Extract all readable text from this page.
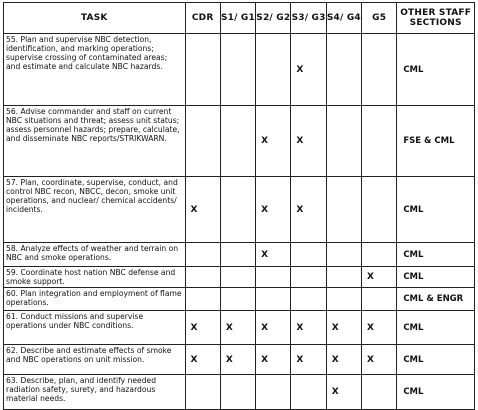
TASK	CDR	S1/ G1	S2/ G2	S3/ G3	S4/ G4	G5	OTHER STAFF SECTIONS
55. Plan and supervise NBC detection, identification, and marking operations; supervise crossing of contaminated areas; and estimate and calculate NBC hazards.				X			CML
56. Advise commander and staff on current NBC situations and threat; assess unit status; assess personnel hazards; prepare, calculate, and disseminate NBC reports/STRIKWARN.			X	X			FSE & CML
57. Plan, coordinate, supervise, conduct, and control NBC recon, NBCC, decon, smoke unit operations, and nuclear/ chemical accidents/ incidents.	X		X	X			CML
58. Analyze effects of weather and terrain on NBC and smoke operations.			X				CML
59. Coordinate host nation NBC defense and smoke support.						X	CML
60. Plan integration and employment of flame operations.							CML & ENGR
61. Conduct missions and supervise operations under NBC conditions.	X	X	X	X	X	X	CML
62. Describe and estimate effects of smoke and NBC operations on unit mission.	X	X	X	X	X	X	CML
63. Describe, plan, and identify needed radiation safety, surety, and hazardous material needs.					X		CML
